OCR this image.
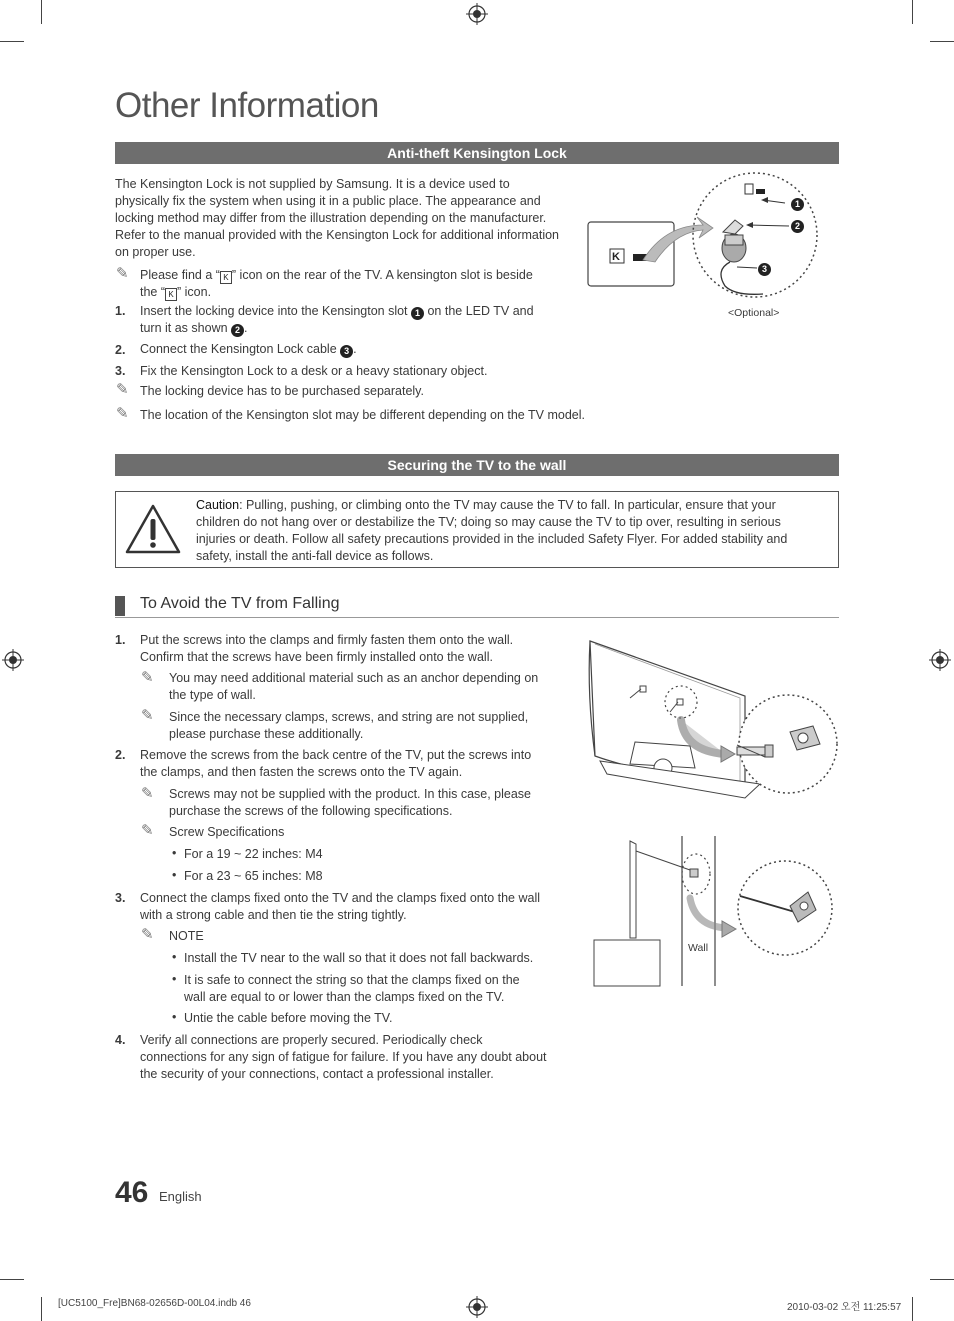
Other Information
Anti-theft Kensington Lock
The Kensington Lock is not supplied by Samsung. It is a device used to physically fix the system when using it in a public place. The appearance and locking method may differ from the illustration depending on the manufacturer. Refer to the manual provided with the Kensington Lock for additional information on proper use.
✎ Please find a “ K ” icon on the rear of the TV. A kensington slot is beside
the “ K ” icon.
1. Insert the locking device into the Kensington slot 1 on the LED TV and
turn it as shown 2 .
2. Connect the Kensington Lock cable 3 .
3. Fix the Kensington Lock to a desk or a heavy stationary object.
✎ The locking device has to be purchased separately.
✎ The location of the Kensington slot may be different depending on the TV model.
1
2
3
K
<Optional>
Securing the TV to the wall
Caution: Pulling, pushing, or climbing onto the TV may cause the TV to fall. In particular, ensure that your
children do not hang over or destabilize the TV; doing so may cause the TV to tip over, resulting in serious
injuries or death. Follow all safety precautions provided in the included Safety Flyer. For added stability and
safety, install the anti-fall device as follows.
To Avoid the TV from Falling
1. Put the screws into the clamps and firmly fasten them onto the wall.
Confirm that the screws have been firmly installed onto the wall.
✎ You may need additional material such as an anchor depending on
the type of wall.
✎ Since the necessary clamps, screws, and string are not supplied,
please purchase these additionally.
2. Remove the screws from the back centre of the TV, put the screws into
the clamps, and then fasten the screws onto the TV again.
✎ Screws may not be supplied with the product. In this case, please
purchase the screws of the following specifications.
✎ Screw Specifications
• For a 19 ~ 22 inches: M4
• For a 23 ~ 65 inches: M8
3. Connect the clamps fixed onto the TV and the clamps fixed onto the wall
with a strong cable and then tie the string tightly.
✎ NOTE
• Install the TV near to the wall so that it does not fall backwards.
• It is safe to connect the string so that the clamps fixed on the
wall are equal to or lower than the clamps fixed on the TV.
• Untie the cable before moving the TV.
4. Verify all connections are properly secured. Periodically check
connections for any sign of fatigue for failure. If you have any doubt about
the security of your connections, contact a professional installer.
Wall
46 English
[UC5100_Fre]BN68-02656D-00L04.indb 46	2010-03-02 오전 11:25:57
